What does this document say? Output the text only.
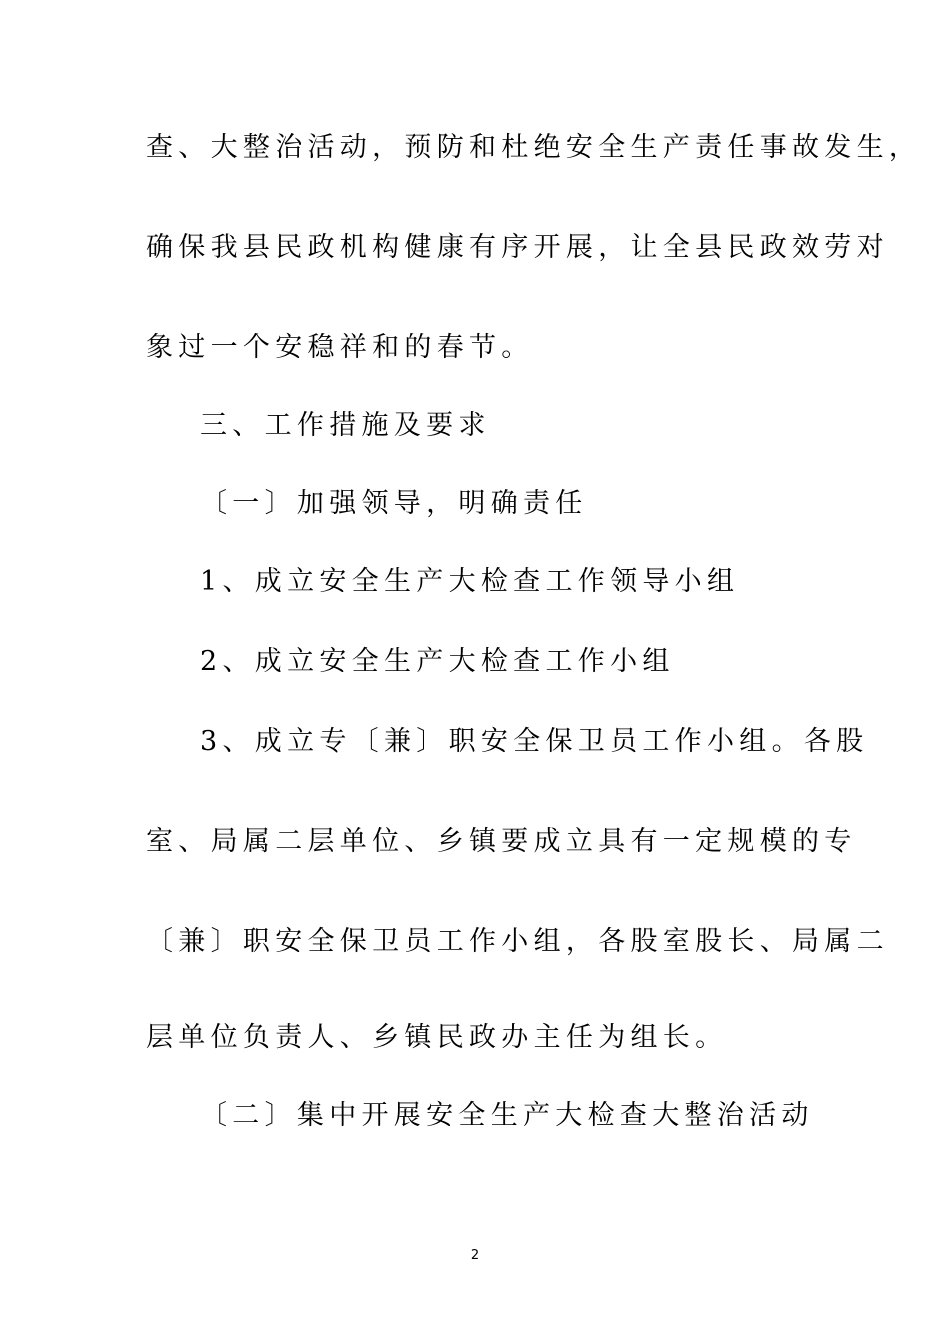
查、大整治活动，预防和杜绝安全生产责任事故发生，
确保我县民政机构健康有序开展，让全县民政效劳对
象过一个安稳祥和的春节。
三、工作措施及要求
〔一〕加强领导，明确责任
1、成立安全生产大检查工作领导小组
2、成立安全生产大检查工作小组
3、成立专〔兼〕职安全保卫员工作小组。各股
室、局属二层单位、乡镇要成立具有一定规模的专
〔兼〕职安全保卫员工作小组，各股室股长、局属二
层单位负责人、乡镇民政办主任为组长。
〔二〕集中开展安全生产大检查大整治活动
2
